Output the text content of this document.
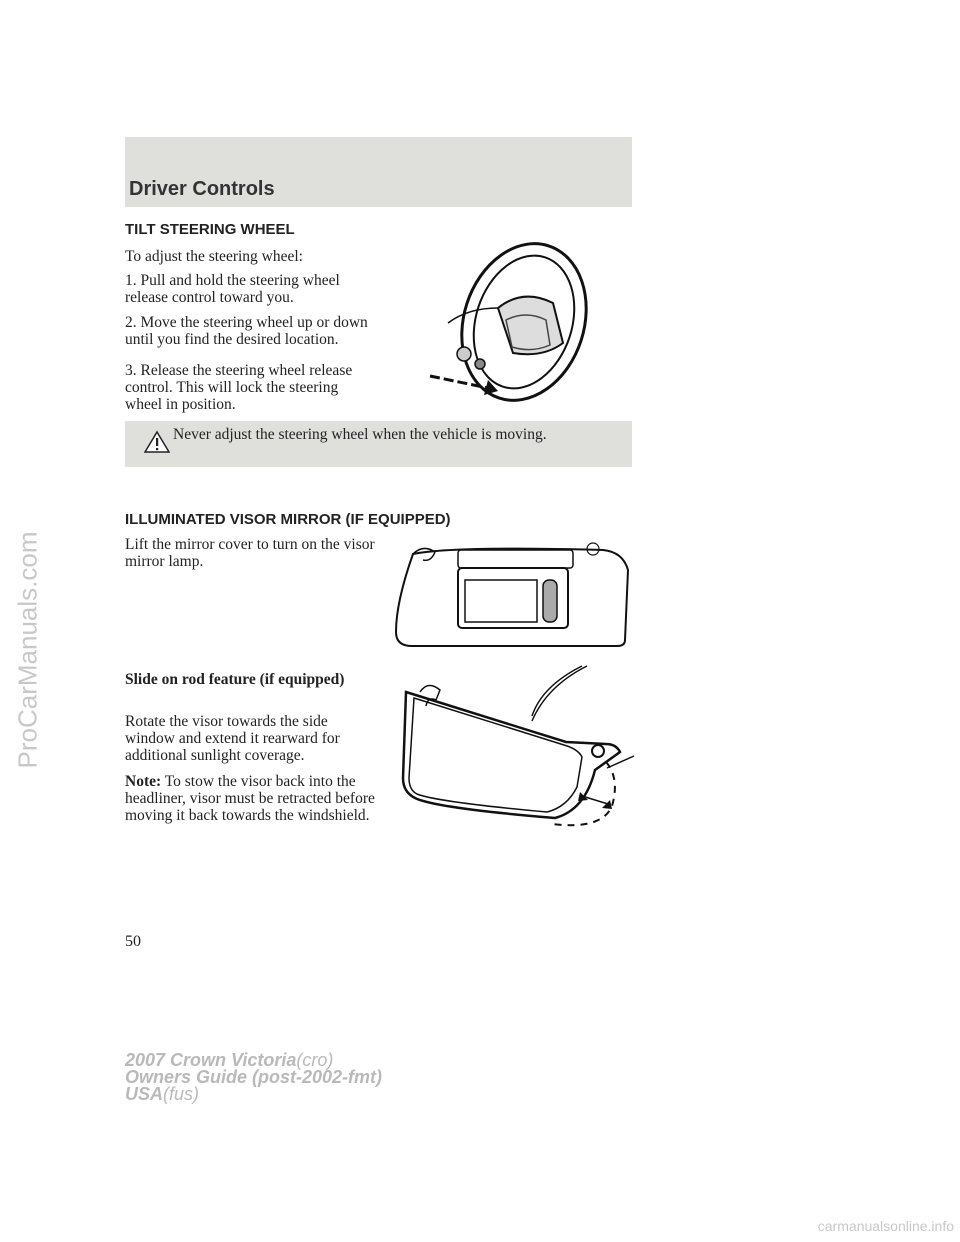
ProCarManuals.com
Driver Controls
TILT STEERING WHEEL
To adjust the steering wheel:
1. Pull and hold the steering wheel release control toward you.
2. Move the steering wheel up or down until you find the desired location.
3. Release the steering wheel release control. This will lock the steering wheel in position.
Never adjust the steering wheel when the vehicle is moving.
ILLUMINATED VISOR MIRROR (IF EQUIPPED)
Lift the mirror cover to turn on the visor mirror lamp.
Slide on rod feature (if equipped)
Rotate the visor towards the side window and extend it rearward for additional sunlight coverage.
Note: To stow the visor back into the headliner, visor must be retracted before moving it back towards the windshield.
50
2007 Crown Victoria(cro)
Owners Guide (post-2002-fmt)
USA(fus)
carmanualsonline.info
